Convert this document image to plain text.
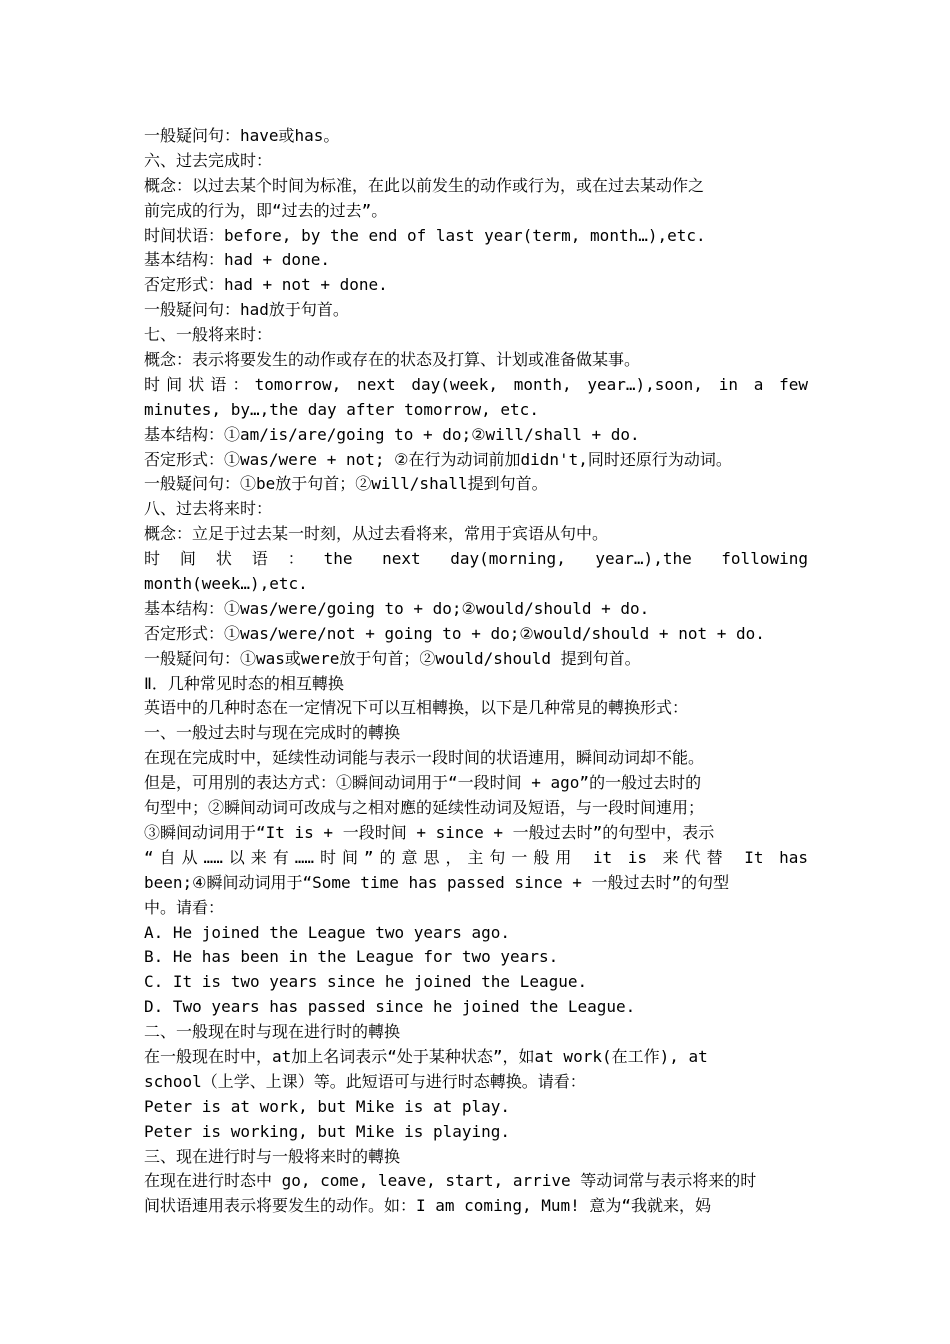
一般疑问句：have或has。
六、过去完成时：
概念：以过去某个时间为标准，在此以前发生的动作或行为，或在过去某动作之
前完成的行为，即“过去的过去”。
时间状语：before, by the end of last year(term, month…),etc.
基本结构：had + done.
否定形式：had + not + done.
一般疑问句：had放于句首。
七、一般将来时：
概念：表示将要发生的动作或存在的状态及打算、计划或准备做某事。
时间状语：tomorrow, next day(week, month, year…),soon, in a few
minutes, by…,the day after tomorrow, etc.
基本结构：①am/is/are/going to + do;②will/shall + do.
否定形式：①was/were + not; ②在行为动词前加didn't,同时还原行为动词。
一般疑问句：①be放于句首；②will/shall提到句首。
八、过去将来时：
概念：立足于过去某一时刻，从过去看将来，常用于宾语从句中。
时间状语：the next day(morning, year…),the following
month(week…),etc.
基本结构：①was/were/going to + do;②would/should + do.
否定形式：①was/were/not + going to + do;②would/should + not + do.
一般疑问句：①was或were放于句首；②would/should 提到句首。
Ⅱ．几种常见时态的相互轉换
英语中的几种时态在一定情况下可以互相轉换，以下是几种常見的轉换形式：
一、一般过去时与现在完成时的轉换
在现在完成时中，延续性动词能与表示一段时间的状语連用，瞬间动词却不能。
但是，可用別的表达方式：①瞬间动词用于“一段时间 + ago”的一般过去时的
句型中；②瞬间动词可改成与之相对應的延续性动词及短语，与一段时间連用；
③瞬间动词用于“It is + 一段时间 + since + 一般过去时”的句型中，表示
“自从……以来有……时间”的意思，主句一般用 it is 来代替 It has
been;④瞬间动词用于“Some time has passed since + 一般过去时”的句型
中。请看：
A. He joined the League two years ago.
B. He has been in the League for two years.
C. It is two years since he joined the League.
D. Two years has passed since he joined the League.
二、一般现在时与现在进行时的轉换
在一般现在时中，at加上名词表示“处于某种状态”，如at work(在工作), at
school（上学、上课）等。此短语可与进行时态轉换。请看：
Peter is at work, but Mike is at play.
Peter is working, but Mike is playing.
三、现在进行时与一般将来时的轉换
在现在进行时态中 go, come, leave, start, arrive 等动词常与表示将来的时
间状语連用表示将要发生的动作。如：I am coming, Mum! 意为“我就来，妈
